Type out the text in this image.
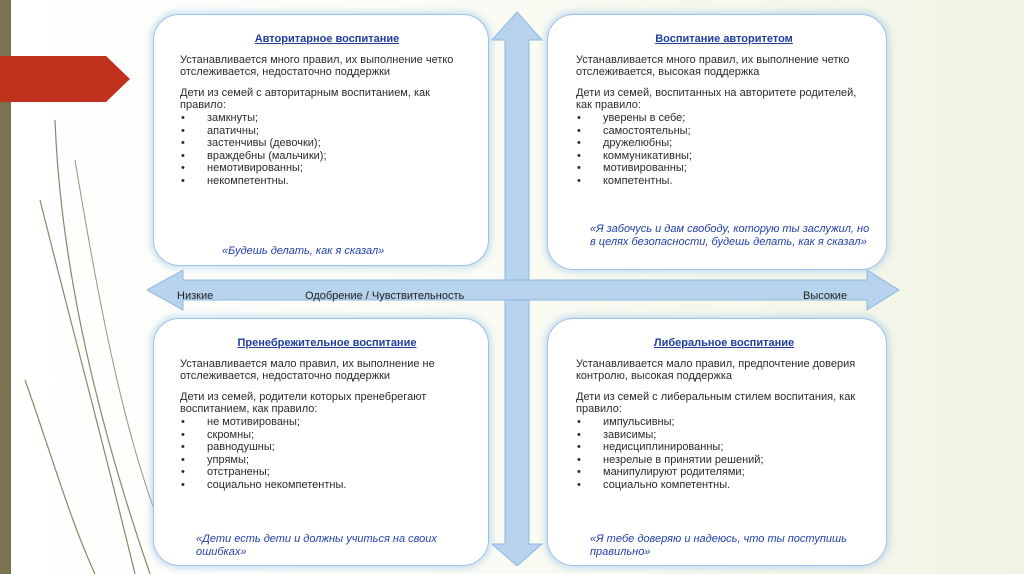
Авторитарное воспитание
Устанавливается много правил, их выполнение четко отслеживается, недостаточно поддержки
Дети из семей с авторитарным воспитанием, как правило:
• замкнуты;
• апатичны;
• застенчивы (девочки);
• враждебны (мальчики);
• немотивированны;
• некомпетентны.
«Будешь делать, как я сказал»
Воспитание авторитетом
Устанавливается много правил, их выполнение четко отслеживается, высокая поддержка
Дети из семей, воспитанных на авторитете родителей, как правило:
• уверены в себе;
• самостоятельны;
• дружелюбны;
• коммуникативны;
• мотивированны;
• компетентны.
«Я забочусь и дам свободу, которую ты заслужил, но в целях безопасности, будешь делать, как я сказал»
Пренебрежительное воспитание
Устанавливается мало правил, их выполнение не отслеживается, недостаточно поддержки
Дети из семей, родители которых пренебрегают воспитанием, как правило:
• не мотивированы;
• скромны;
• равнодушны;
• упрямы;
• отстранены;
• социально некомпетентны.
«Дети есть дети и должны учиться на своих ошибках»
Либеральное воспитание
Устанавливается мало правил, предпочтение доверия контролю, высокая поддержка
Дети из семей с либеральным стилем воспитания, как правило:
• импульсивны;
• зависимы;
• недисциплинированны;
• незрелые в принятии решений;
• манипулируют родителями;
• социально компетентны.
«Я тебе доверяю и надеюсь, что ты поступишь правильно»
Низкие	Одобрение / Чувствительность	Высокие
